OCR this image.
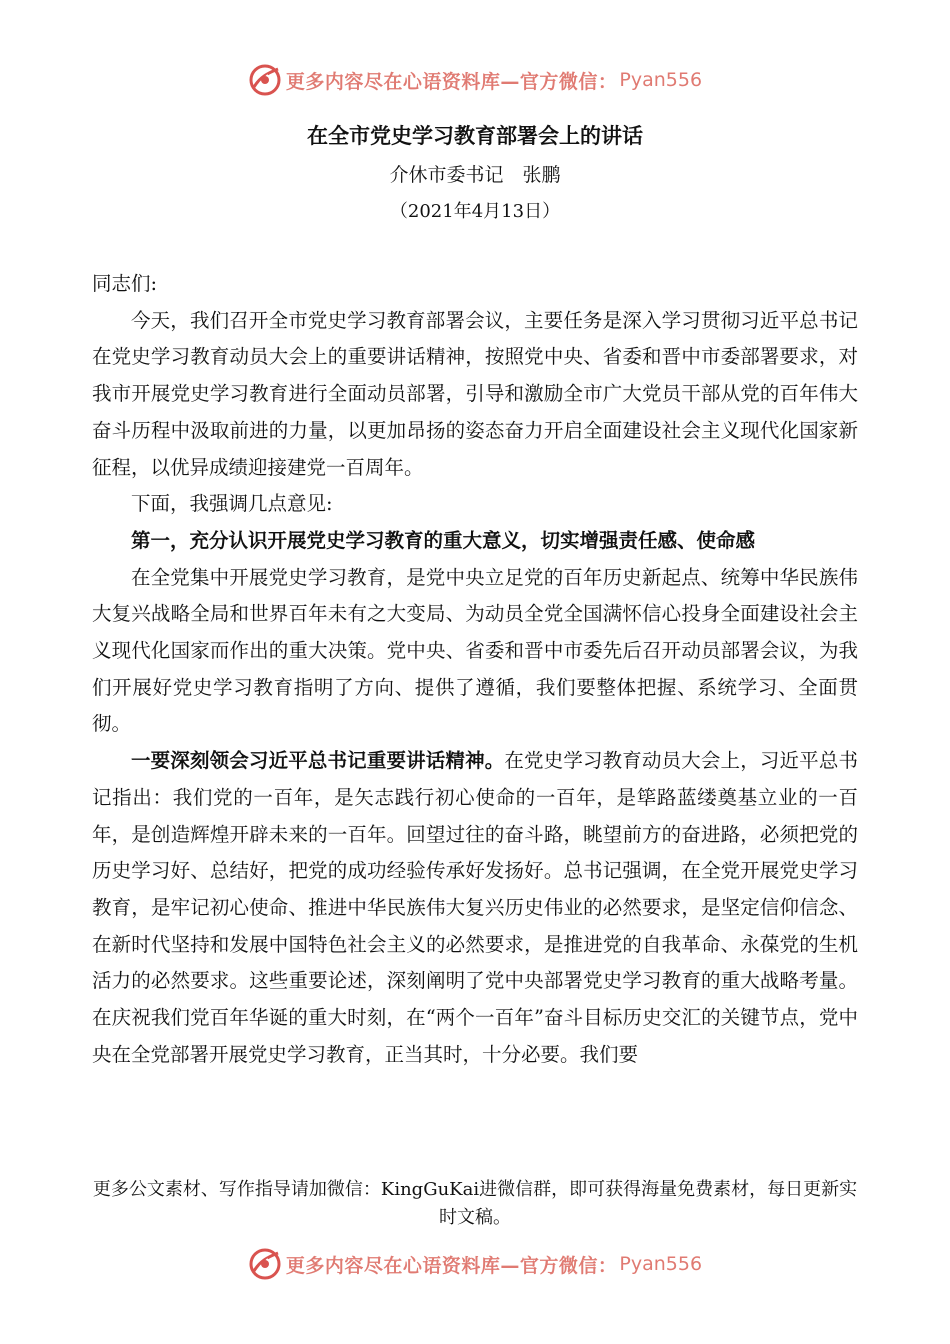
更多内容尽在心语资料库—官方微信： Pyan556
在全市党史学习教育部署会上的讲话
介休市委书记　张鹏
（2021年4月13日）

同志们:

今天，我们召开全市党史学习教育部署会议，主要任务是深入学习贯彻习近平总书记在党史学习教育动员大会上的重要讲话精神，按照党中央、省委和晋中市委部署要求，对我市开展党史学习教育进行全面动员部署，引导和激励全市广大党员干部从党的百年伟大奋斗历程中汲取前进的力量，以更加昂扬的姿态奋力开启全面建设社会主义现代化国家新征程，以优异成绩迎接建党一百周年。

下面，我强调几点意见:

第一，充分认识开展党史学习教育的重大意义，切实增强责任感、使命感

在全党集中开展党史学习教育，是党中央立足党的百年历史新起点、统筹中华民族伟大复兴战略全局和世界百年未有之大变局、为动员全党全国满怀信心投身全面建设社会主义现代化国家而作出的重大决策。党中央、省委和晋中市委先后召开动员部署会议，为我们开展好党史学习教育指明了方向、提供了遵循，我们要整体把握、系统学习、全面贯彻。

一要深刻领会习近平总书记重要讲话精神。在党史学习教育动员大会上，习近平总书记指出：我们党的一百年，是矢志践行初心使命的一百年，是筚路蓝缕奠基立业的一百年，是创造辉煌开辟未来的一百年。回望过往的奋斗路，眺望前方的奋进路，必须把党的历史学习好、总结好，把党的成功经验传承好发扬好。总书记强调，在全党开展党史学习教育，是牢记初心使命、推进中华民族伟大复兴历史伟业的必然要求，是坚定信仰信念、在新时代坚持和发展中国特色社会主义的必然要求，是推进党的自我革命、永葆党的生机活力的必然要求。这些重要论述，深刻阐明了党中央部署党史学习教育的重大战略考量。在庆祝我们党百年华诞的重大时刻，在“两个一百年”奋斗目标历史交汇的关键节点，党中央在全党部署开展党史学习教育，正当其时，十分必要。我们要

更多公文素材、写作指导请加微信：KingGuKai进微信群，即可获得海量免费素材，每日更新实时文稿。
更多内容尽在心语资料库—官方微信： Pyan556
